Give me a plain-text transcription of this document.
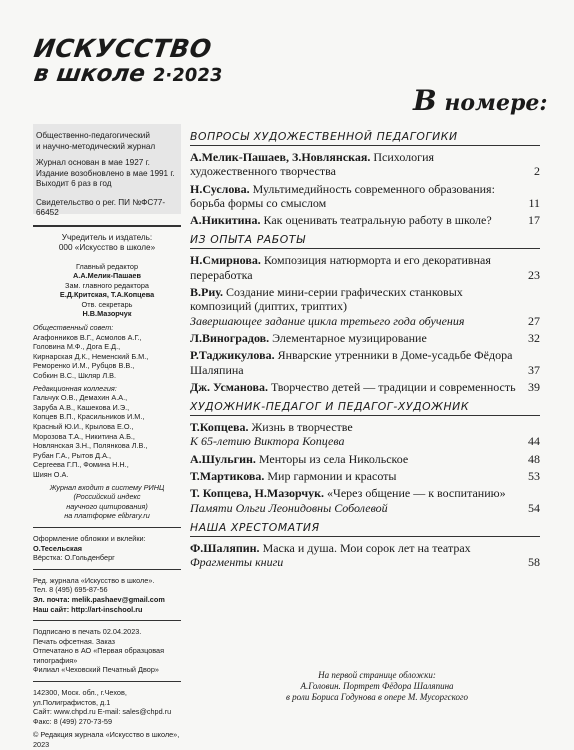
ИСКУССТВО
в школе 2·2023
В номере:

Общественно-педагогический

и научно-методический журнал

Журнал основан в мае 1927 г.

Издание возобновлено в мае 1991 г.

Выходит 6 раз в год

Свидетельство о рег. ПИ №ФС77-66452

Учредитель и издатель:

000 «Искусство в школе»

Главный редактор

А.А.Мелик-Пашаев

Зам. главного редактора

Е.Д.Критская, Т.А.Копцева

Отв. секретарь

Н.В.Мазорчук

Общественный совет:

Агафонников В.Г., Асмолов А.Г.,

Головина М.Ф., Дога Е.Д.,

Кирнарская Д.К., Неменский Б.М.,

Ремоpенко И.М., Рубцов В.В.,

Собкин В.С., Шкляр Л.В.

Редакционная коллегия:

Гальчук О.В., Демахин А.А.,

Заруба А.В., Кашекова И.Э.,

Копцев В.П., Красильников И.М.,

Красный Ю.И., Крылова Е.О.,

Морозова Т.А., Никитина А.Б.,

Новлянская З.Н., Полянкова Л.В.,

Рубан Г.А., Рытов Д.А.,

Сергеева Г.П., Фомина Н.Н.,

Шиян О.А.

Журнал входит в систему РИНЦ

(Российский индекс

научного цитирования)

на платформе elibrary.ru

Оформление обложки и вклейки:

О.Тесельская

Вёрстка: О.Гольденберг

Ред. журнала «Искусство в школе».

Тел. 8 (495) 695-87-56

Эл. почта: melik.pashaev@gmail.com

Наш сайт: http://art-inschool.ru

Подписано в печать 02.04.2023.

Печать офсетная. Заказ

Отпечатано в АО «Первая образцовая типография»

Филиал «Чеховский Печатный Двор»

142300, Моск. обл., г.Чехов,

ул.Полиграфистов, д.1

Сайт: www.chpd.ru E-mail: sales@chpd.ru

Факс: 8 (499) 270-73-59

© Редакция журнала «Искусство в школе», 2023

ВОПРОСЫ ХУДОЖЕСТВЕННОЙ ПЕДАГОГИКИ
А.Мелик-Пашаев, З.Новлянская. Психология художественного творчества	2
Н.Суслова. Мультимедийность современного образования: борьба формы со смыслом	11
А.Никитина. Как оценивать театральную работу в школе?	17
ИЗ ОПЫТА РАБОТЫ
Н.Смирнова. Композиция натюрморта и его декоративная переработка	23
В.Риу. Создание мини-серии графических станковых композиций (диптих, триптих)
Завершающее задание цикла третьего года обучения	27
Л.Виноградов. Элементарное музицирование	32
Р.Таджикулова. Январские утренники в Доме-усадьбе Фёдора Шаляпина	37
Дж. Усманова. Творчество детей — традиции и современность 39
ХУДОЖНИК-ПЕДАГОГ И ПЕДАГОГ-ХУДОЖНИК
Т.Копцева. Жизнь в творчестве
К 65-летию Виктора Копцева	44
А.Шульгин. Менторы из села Никольское	48
Т.Мартикова. Мир гармонии и красоты	53
Т. Копцева, Н.Мазорчук. «Через общение — к воспитанию»
Памяти Ольги Леонидовны Соболевой	54
НАША ХРЕСТОМАТИЯ
Ф.Шаляпин. Маска и душа. Мои сорок лет на театрах
Фрагменты книги	58
На первой странице обложки:
А.Головин. Портрет Фёдора Шаляпина
в роли Бориса Годунова в опере М. Мусоргского
